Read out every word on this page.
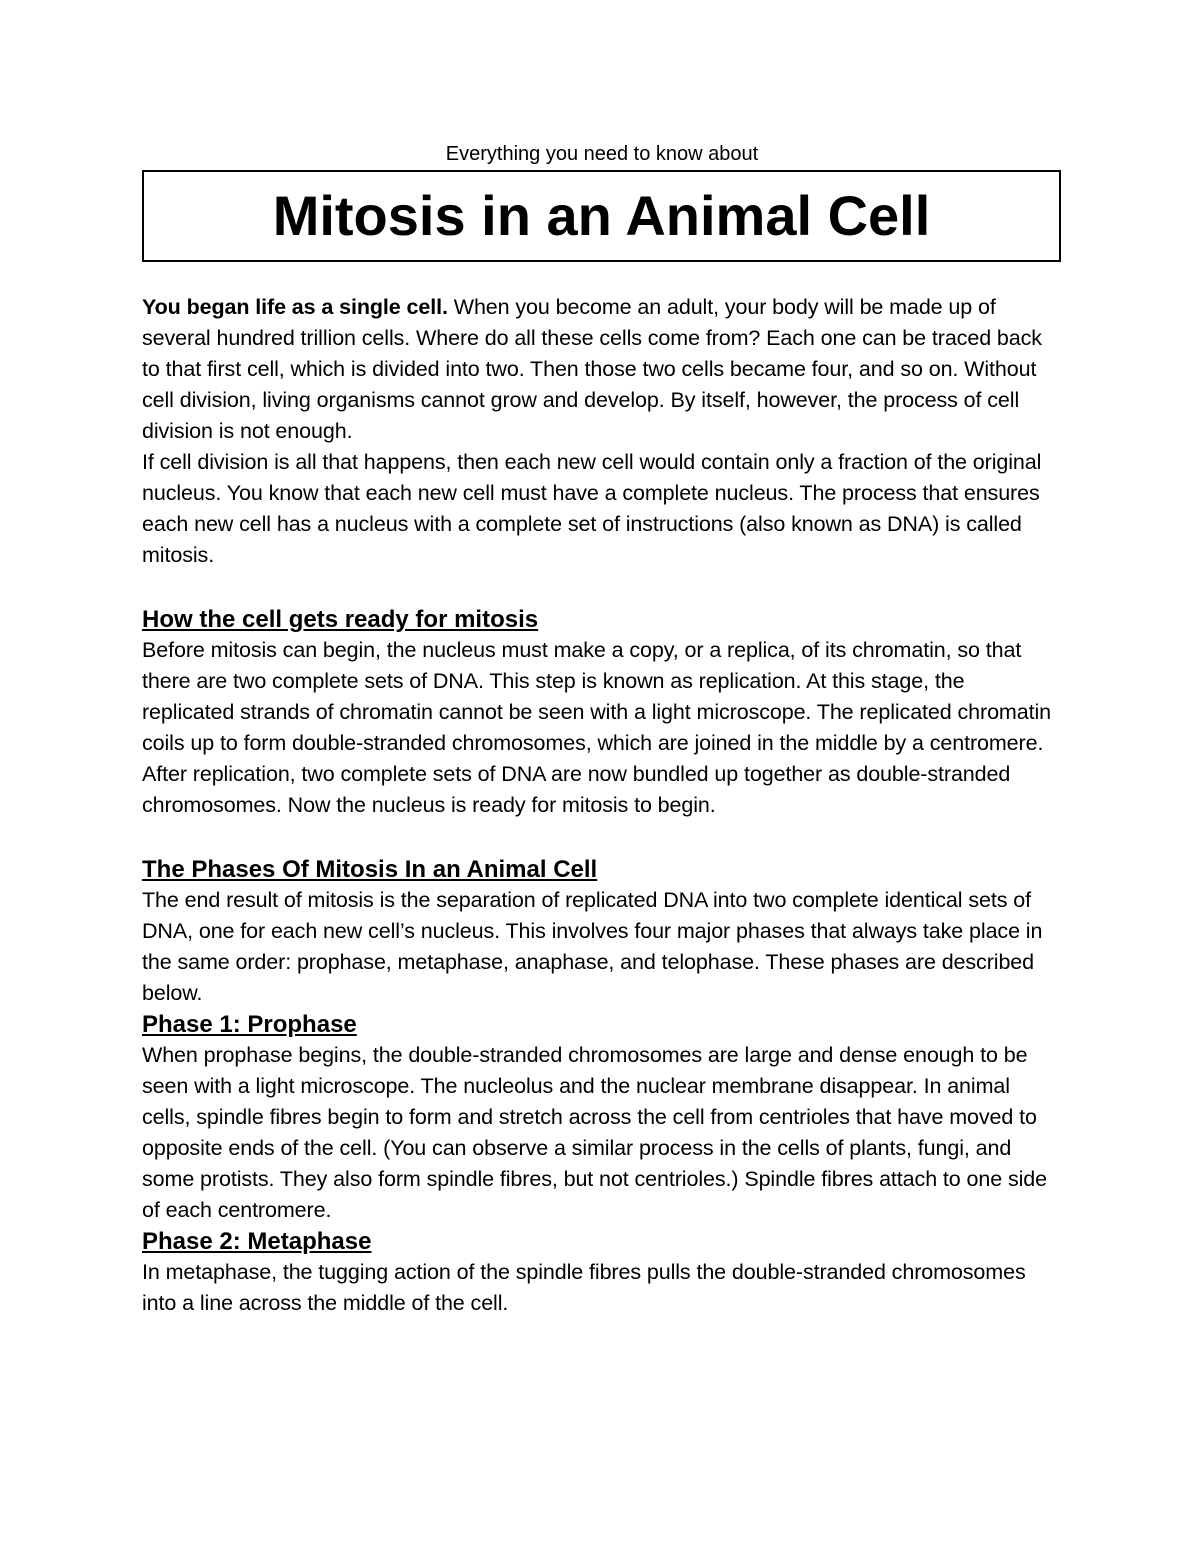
Everything you need to know about

Mitosis in an Animal Cell

You began life as a single cell. When you become an adult, your body will be made up of several hundred trillion cells. Where do all these cells come from? Each one can be traced back to that first cell, which is divided into two. Then those two cells became four, and so on. Without cell division, living organisms cannot grow and develop. By itself, however, the process of cell division is not enough.

If cell division is all that happens, then each new cell would contain only a fraction of the original nucleus. You know that each new cell must have a complete nucleus. The process that ensures each new cell has a nucleus with a complete set of instructions (also known as DNA) is called mitosis.

How the cell gets ready for mitosis

Before mitosis can begin, the nucleus must make a copy, or a replica, of its chromatin, so that there are two complete sets of DNA. This step is known as replication. At this stage, the replicated strands of chromatin cannot be seen with a light microscope. The replicated chromatin coils up to form double-stranded chromosomes, which are joined in the middle by a centromere. After replication, two complete sets of DNA are now bundled up together as double-stranded chromosomes. Now the nucleus is ready for mitosis to begin.

The Phases Of Mitosis In an Animal Cell

The end result of mitosis is the separation of replicated DNA into two complete identical sets of DNA, one for each new cell’s nucleus. This involves four major phases that always take place in the same order: prophase, metaphase, anaphase, and telophase. These phases are described below.

Phase 1: Prophase

When prophase begins, the double-stranded chromosomes are large and dense enough to be seen with a light microscope. The nucleolus and the nuclear membrane disappear. In animal cells, spindle fibres begin to form and stretch across the cell from centrioles that have moved to opposite ends of the cell. (You can observe a similar process in the cells of plants, fungi, and some protists. They also form spindle fibres, but not centrioles.) Spindle fibres attach to one side of each centromere.

Phase 2: Metaphase

In metaphase, the tugging action of the spindle fibres pulls the double-stranded chromosomes into a line across the middle of the cell.
